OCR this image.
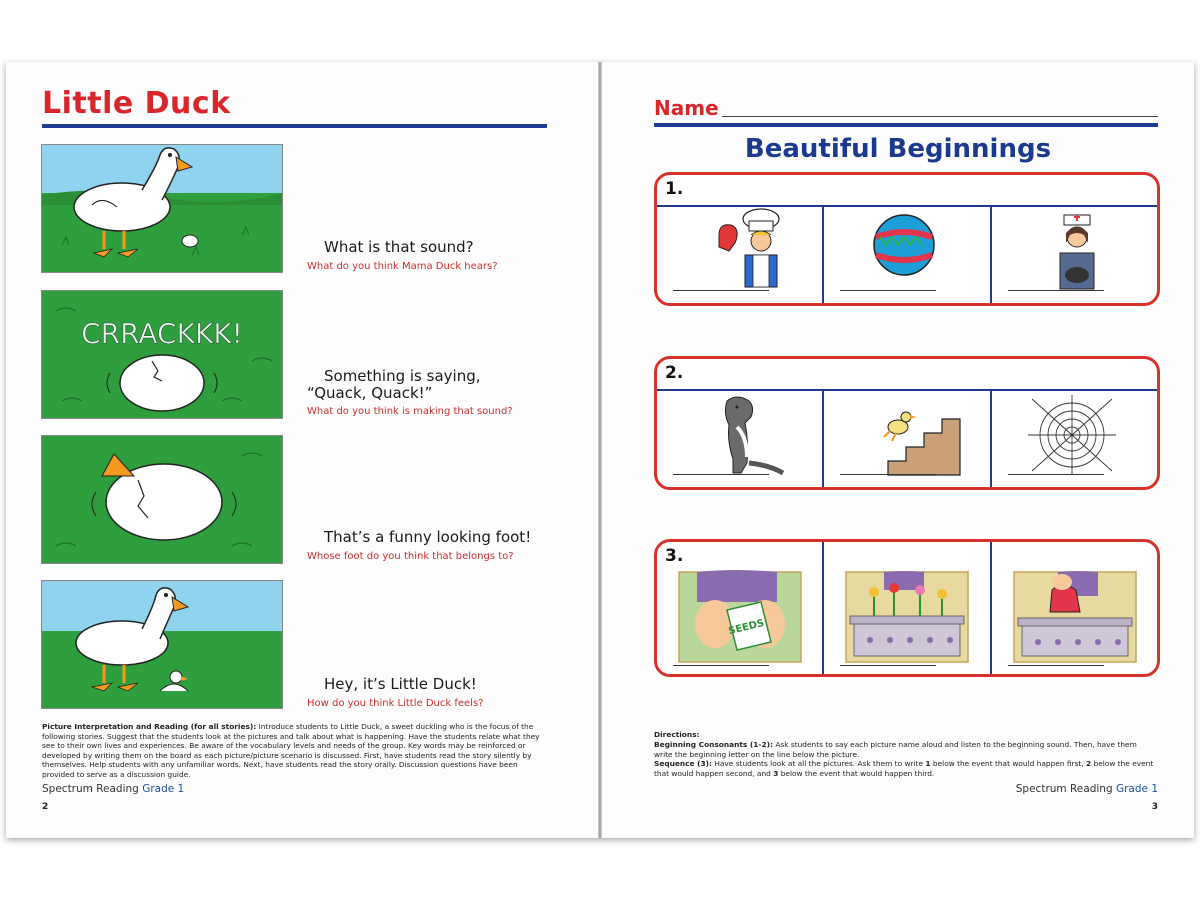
Little Duck
What is that sound?
What do you think Mama Duck hears?
CRRACKKK!
Something is saying,
“Quack, Quack!”
What do you think is making that sound?
That’s a funny looking foot!
Whose foot do you think that belongs to?
Hey, it’s Little Duck!
How do you think Little Duck feels?
Picture Interpretation and Reading (for all stories): Introduce students to Little Duck, a sweet duckling who is the focus of the following stories. Suggest that the students look at the pictures and talk about what is happening. Have the students relate what they see to their own lives and experiences. Be aware of the vocabulary levels and needs of the group. Key words may be reinforced or developed by writing them on the board as each picture/picture scenario is discussed. First, have students read the story silently by themselves. Help students with any unfamiliar words. Next, have students read the story orally. Discussion questions have been provided to serve as a discussion guide.
Spectrum Reading Grade 1
2
Name
Beautiful Beginnings
1.
2.
3.
SEEDS
Directions:
Beginning Consonants (1-2): Ask students to say each picture name aloud and listen to the beginning sound. Then, have them write the beginning letter on the line below the picture.
Sequence (3): Have students look at all the pictures. Ask them to write 1 below the event that would happen first, 2 below the event that would happen second, and 3 below the event that would happen third.
Spectrum Reading Grade 1
3
